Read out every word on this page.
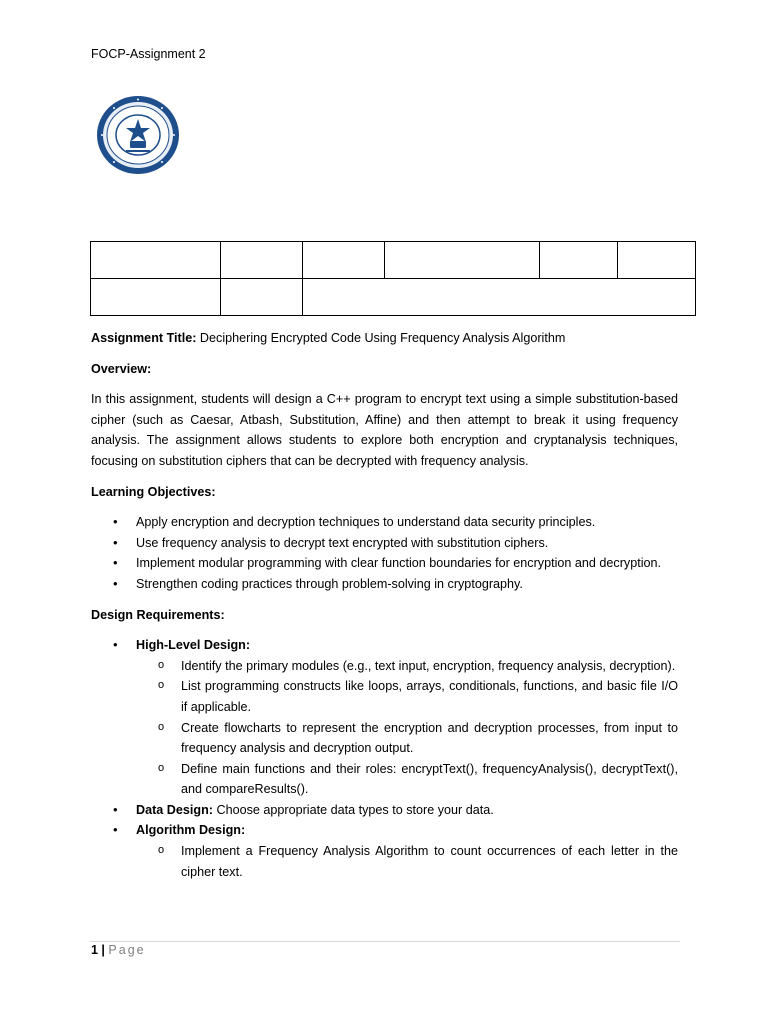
FOCP-Assignment 2

Assignment Title: Deciphering Encrypted Code Using Frequency Analysis Algorithm

Overview:

In this assignment, students will design a C++ program to encrypt text using a simple substitution-based cipher (such as Caesar, Atbash, Substitution, Affine) and then attempt to break it using frequency analysis. The assignment allows students to explore both encryption and cryptanalysis techniques, focusing on substitution ciphers that can be decrypted with frequency analysis.

Learning Objectives:

• Apply encryption and decryption techniques to understand data security principles.
• Use frequency analysis to decrypt text encrypted with substitution ciphers.
• Implement modular programming with clear function boundaries for encryption and decryption.
• Strengthen coding practices through problem-solving in cryptography.

Design Requirements:

• High-Level Design:
o Identify the primary modules (e.g., text input, encryption, frequency analysis, decryption).
o List programming constructs like loops, arrays, conditionals, functions, and basic file I/O if applicable.
o Create flowcharts to represent the encryption and decryption processes, from input to frequency analysis and decryption output.
o Define main functions and their roles: encryptText(), frequencyAnalysis(), decryptText(), and compareResults().
• Data Design: Choose appropriate data types to store your data.
• Algorithm Design:
o Implement a Frequency Analysis Algorithm to count occurrences of each letter in the cipher text.
1 | Page
